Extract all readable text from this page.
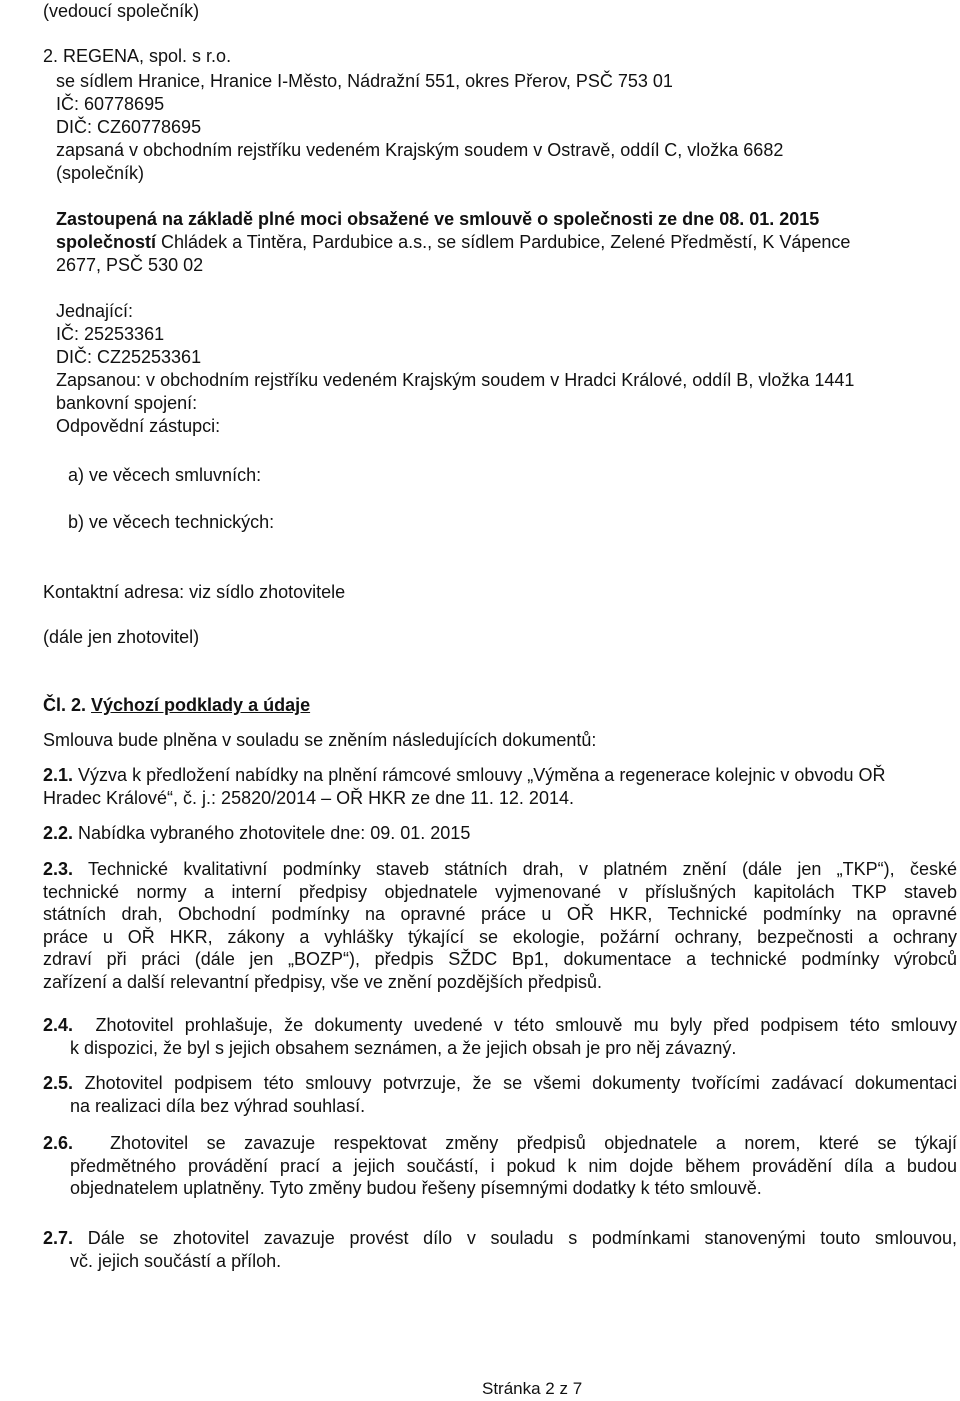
(vedoucí společník)
2. REGENA, spol. s r.o.
se sídlem Hranice, Hranice I-Město, Nádražní 551, okres Přerov, PSČ 753 01
IČ: 60778695
DIČ: CZ60778695
zapsaná v obchodním rejstříku vedeném Krajským soudem v Ostravě, oddíl C, vložka 6682
(společník)
Zastoupená na základě plné moci obsažené ve smlouvě o společnosti ze dne 08. 01. 2015
společností Chládek a Tintěra, Pardubice a.s., se sídlem Pardubice, Zelené Předměstí, K Vápence
2677, PSČ 530 02
Jednající:
IČ: 25253361
DIČ: CZ25253361
Zapsanou: v obchodním rejstříku vedeném Krajským soudem v Hradci Králové, oddíl B, vložka 1441
bankovní spojení:
Odpovědní zástupci:
a) ve věcech smluvních:
b) ve věcech technických:
Kontaktní adresa: viz sídlo zhotovitele
(dále jen zhotovitel)
Čl. 2. Výchozí podklady a údaje
Smlouva bude plněna v souladu se zněním následujících dokumentů:
2.1. Výzva k předložení nabídky na plnění rámcové smlouvy „Výměna a regenerace kolejnic v obvodu OŘ
Hradec Králové“, č. j.: 25820/2014 – OŘ HKR ze dne 11. 12. 2014.
2.2. Nabídka vybraného zhotovitele dne: 09. 01. 2015
2.3. Technické kvalitativní podmínky staveb státních drah, v platném znění (dále jen „TKP“), české
technické normy a interní předpisy objednatele vyjmenované v příslušných kapitolách TKP staveb
státních drah, Obchodní podmínky na opravné práce u OŘ HKR, Technické podmínky na opravné
práce u OŘ HKR, zákony a vyhlášky týkající se ekologie, požární ochrany, bezpečnosti a ochrany
zdraví při práci (dále jen „BOZP“), předpis SŽDC Bp1, dokumentace a technické podmínky výrobců
zařízení a další relevantní předpisy, vše ve znění pozdějších předpisů.
2.4. Zhotovitel prohlašuje, že dokumenty uvedené v této smlouvě mu byly před podpisem této smlouvy
k dispozici, že byl s jejich obsahem seznámen, a že jejich obsah je pro něj závazný.
2.5. Zhotovitel podpisem této smlouvy potvrzuje, že se všemi dokumenty tvořícími zadávací dokumentaci
na realizaci díla bez výhrad souhlasí.
2.6. Zhotovitel se zavazuje respektovat změny předpisů objednatele a norem, které se týkají
předmětného provádění prací a jejich součástí, i pokud k nim dojde během provádění díla a budou
objednatelem uplatněny. Tyto změny budou řešeny písemnými dodatky k této smlouvě.
2.7. Dále se zhotovitel zavazuje provést dílo v souladu s podmínkami stanovenými touto smlouvou,
vč. jejich součástí a příloh.
Stránka 2 z 7
